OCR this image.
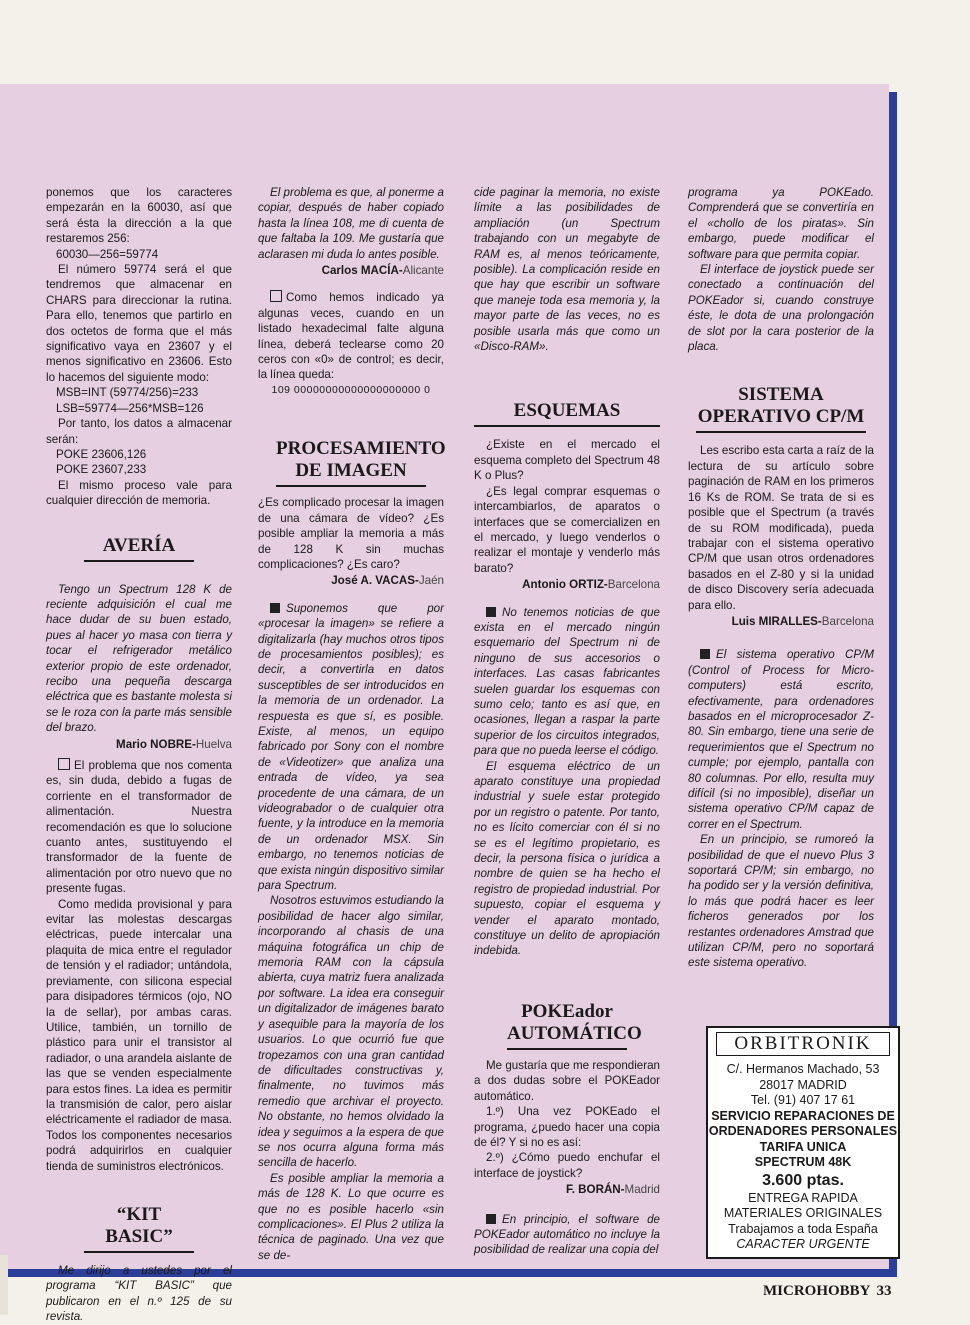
ponemos que los caracteres empezarán en la 60030, así que será ésta la dirección a la que restaremos 256:

60030—256=59774

El número 59774 será el que tendremos que almacenar en CHARS para direccionar la rutina. Para ello, tenemos que partirlo en dos octetos de forma que el más significativo vaya en 23607 y el menos significativo en 23606. Esto lo hacemos del siguiente modo:

MSB=INT (59774/256)=233

LSB=59774—256*MSB=126

Por tanto, los datos a almacenar serán:

POKE 23606,126

POKE 23607,233

El mismo proceso vale para cualquier dirección de memoria.

AVERÍA

Tengo un Spectrum 128 K de reciente adquisición el cual me hace dudar de su buen estado, pues al hacer yo masa con tierra y tocar el refrigerador metálico exterior propio de este ordenador, recibo una pequeña descarga eléctrica que es bastante molesta si se le roza con la parte más sensible del brazo.

Mario NOBRE-Huelva

El problema que nos comenta es, sin duda, debido a fugas de corriente en el transformador de alimentación. Nuestra recomendación es que lo solucione cuanto antes, sustituyendo el transformador de la fuente de alimentación por otro nuevo que no presente fugas.

Como medida provisional y para evitar las molestas descargas eléctricas, puede intercalar una plaquita de mica entre el regulador de tensión y el radiador; untándola, previamente, con silicona especial para disipadores térmicos (ojo, NO la de sellar), por ambas caras. Utilice, también, un tornillo de plástico para unir el transistor al radiador, o una arandela aislante de las que se venden especialmente para estos fines. La idea es permitir la transmisión de calor, pero aislar eléctricamente el radiador de masa. Todos los componentes necesarios podrá adquirirlos en cualquier tienda de suministros electrónicos.

“KIT BASIC”

Me dirijo a ustedes por el programa “KIT BASIC” que publicaron en el n.º 125 de su revista.

El problema es que, al ponerme a copiar, después de haber copiado hasta la línea 108, me di cuenta de que faltaba la 109. Me gustaría que aclarasen mi duda lo antes posible.

Carlos MACÍA-Alicante

Como hemos indicado ya algunas veces, cuando en un listado hexadecimal falte alguna línea, deberá teclearse como 20 ceros con «0» de control; es decir, la línea queda:

109 00000000000000000000 0

PROCESAMIENTO DE IMAGEN

¿Es complicado procesar la imagen de una cámara de vídeo? ¿Es posible ampliar la memoria a más de 128 K sin muchas complicaciones? ¿Es caro?

José A. VACAS-Jaén

Suponemos que por «procesar la imagen» se refiere a digitalizarla (hay muchos otros tipos de procesamientos posibles); es decir, a convertirla en datos susceptibles de ser introducidos en la memoria de un ordenador. La respuesta es que sí, es posible. Existe, al menos, un equipo fabricado por Sony con el nombre de «Videotizer» que analiza una entrada de vídeo, ya sea procedente de una cámara, de un videograbador o de cualquier otra fuente, y la introduce en la memoria de un ordenador MSX. Sin embargo, no tenemos noticias de que exista ningún dispositivo similar para Spectrum.

Nosotros estuvimos estudiando la posibilidad de hacer algo similar, incorporando al chasis de una máquina fotográfica un chip de memoria RAM con la cápsula abierta, cuya matriz fuera analizada por software. La idea era conseguir un digitalizador de imágenes barato y asequible para la mayoría de los usuarios. Lo que ocurrió fue que tropezamos con una gran cantidad de dificultades constructivas y, finalmente, no tuvimos más remedio que archivar el proyecto. No obstante, no hemos olvidado la idea y seguimos a la espera de que se nos ocurra alguna forma más sencilla de hacerlo.

Es posible ampliar la memoria a más de 128 K. Lo que ocurre es que no es posible hacerlo «sin complicaciones». El Plus 2 utiliza la técnica de paginado. Una vez que se de-

cide paginar la memoria, no existe límite a las posibilidades de ampliación (un Spectrum trabajando con un megabyte de RAM es, al menos teóricamente, posible). La complicación reside en que hay que escribir un software que maneje toda esa memoria y, la mayor parte de las veces, no es posible usarla más que como un «Disco-RAM».

ESQUEMAS

¿Existe en el mercado el esquema completo del Spectrum 48 K o Plus?

¿Es legal comprar esquemas o intercambiarlos, de aparatos o interfaces que se comercializen en el mercado, y luego venderlos o realizar el montaje y venderlo más barato?

Antonio ORTIZ-Barcelona

No tenemos noticias de que exista en el mercado ningún esquemario del Spectrum ni de ninguno de sus accesorios o interfaces. Las casas fabricantes suelen guardar los esquemas con sumo celo; tanto es así que, en ocasiones, llegan a raspar la parte superior de los circuitos integrados, para que no pueda leerse el código.

El esquema eléctrico de un aparato constituye una propiedad industrial y suele estar protegido por un registro o patente. Por tanto, no es lícito comerciar con él si no se es el legítimo propietario, es decir, la persona física o jurídica a nombre de quien se ha hecho el registro de propiedad industrial. Por supuesto, copiar el esquema y vender el aparato montado, constituye un delito de apropiación indebida.

POKEador AUTOMÁTICO

Me gustaría que me respondieran a dos dudas sobre el POKEador automático.

1.º) Una vez POKEado el programa, ¿puedo hacer una copia de él? Y si no es así:

2.º) ¿Cómo puedo enchufar el interface de joystick?

F. BORÁN-Madrid

En principio, el software de POKEador automático no incluye la posibilidad de realizar una copia del

programa ya POKEado. Comprenderá que se convertiría en el «chollo de los piratas». Sin embargo, puede modificar el software para que permita copiar.

El interface de joystick puede ser conectado a continuación del POKEador si, cuando construye éste, le dota de una prolongación de slot por la cara posterior de la placa.

SISTEMA OPERATIVO CP/M

Les escribo esta carta a raíz de la lectura de su artículo sobre paginación de RAM en los primeros 16 Ks de ROM. Se trata de si es posible que el Spectrum (a través de su ROM modificada), pueda trabajar con el sistema operativo CP/M que usan otros ordenadores basados en el Z-80 y si la unidad de disco Discovery sería adecuada para ello.

Luis MIRALLES-Barcelona

El sistema operativo CP/M (Control of Process for Micro-computers) está escrito, efectivamente, para ordenadores basados en el microprocesador Z-80. Sin embargo, tiene una serie de requerimientos que el Spectrum no cumple; por ejemplo, pantalla con 80 columnas. Por ello, resulta muy difícil (si no imposible), diseñar un sistema operativo CP/M capaz de correr en el Spectrum.

En un principio, se rumoreó la posibilidad de que el nuevo Plus 3 soportará CP/M; sin embargo, no ha podido ser y la versión definitiva, lo más que podrá hacer es leer ficheros generados por los restantes ordenadores Amstrad que utilizan CP/M, pero no soportará este sistema operativo.

ORBITRONIK
C/. Hermanos Machado, 53
28017 MADRID
Tel. (91) 407 17 61
SERVICIO REPARACIONES DE
ORDENADORES PERSONALES
TARIFA UNICA
SPECTRUM 48K
3.600 ptas.
ENTREGA RAPIDA
MATERIALES ORIGINALES
Trabajamos a toda España
CARACTER URGENTE
MICROHOBBY 33
